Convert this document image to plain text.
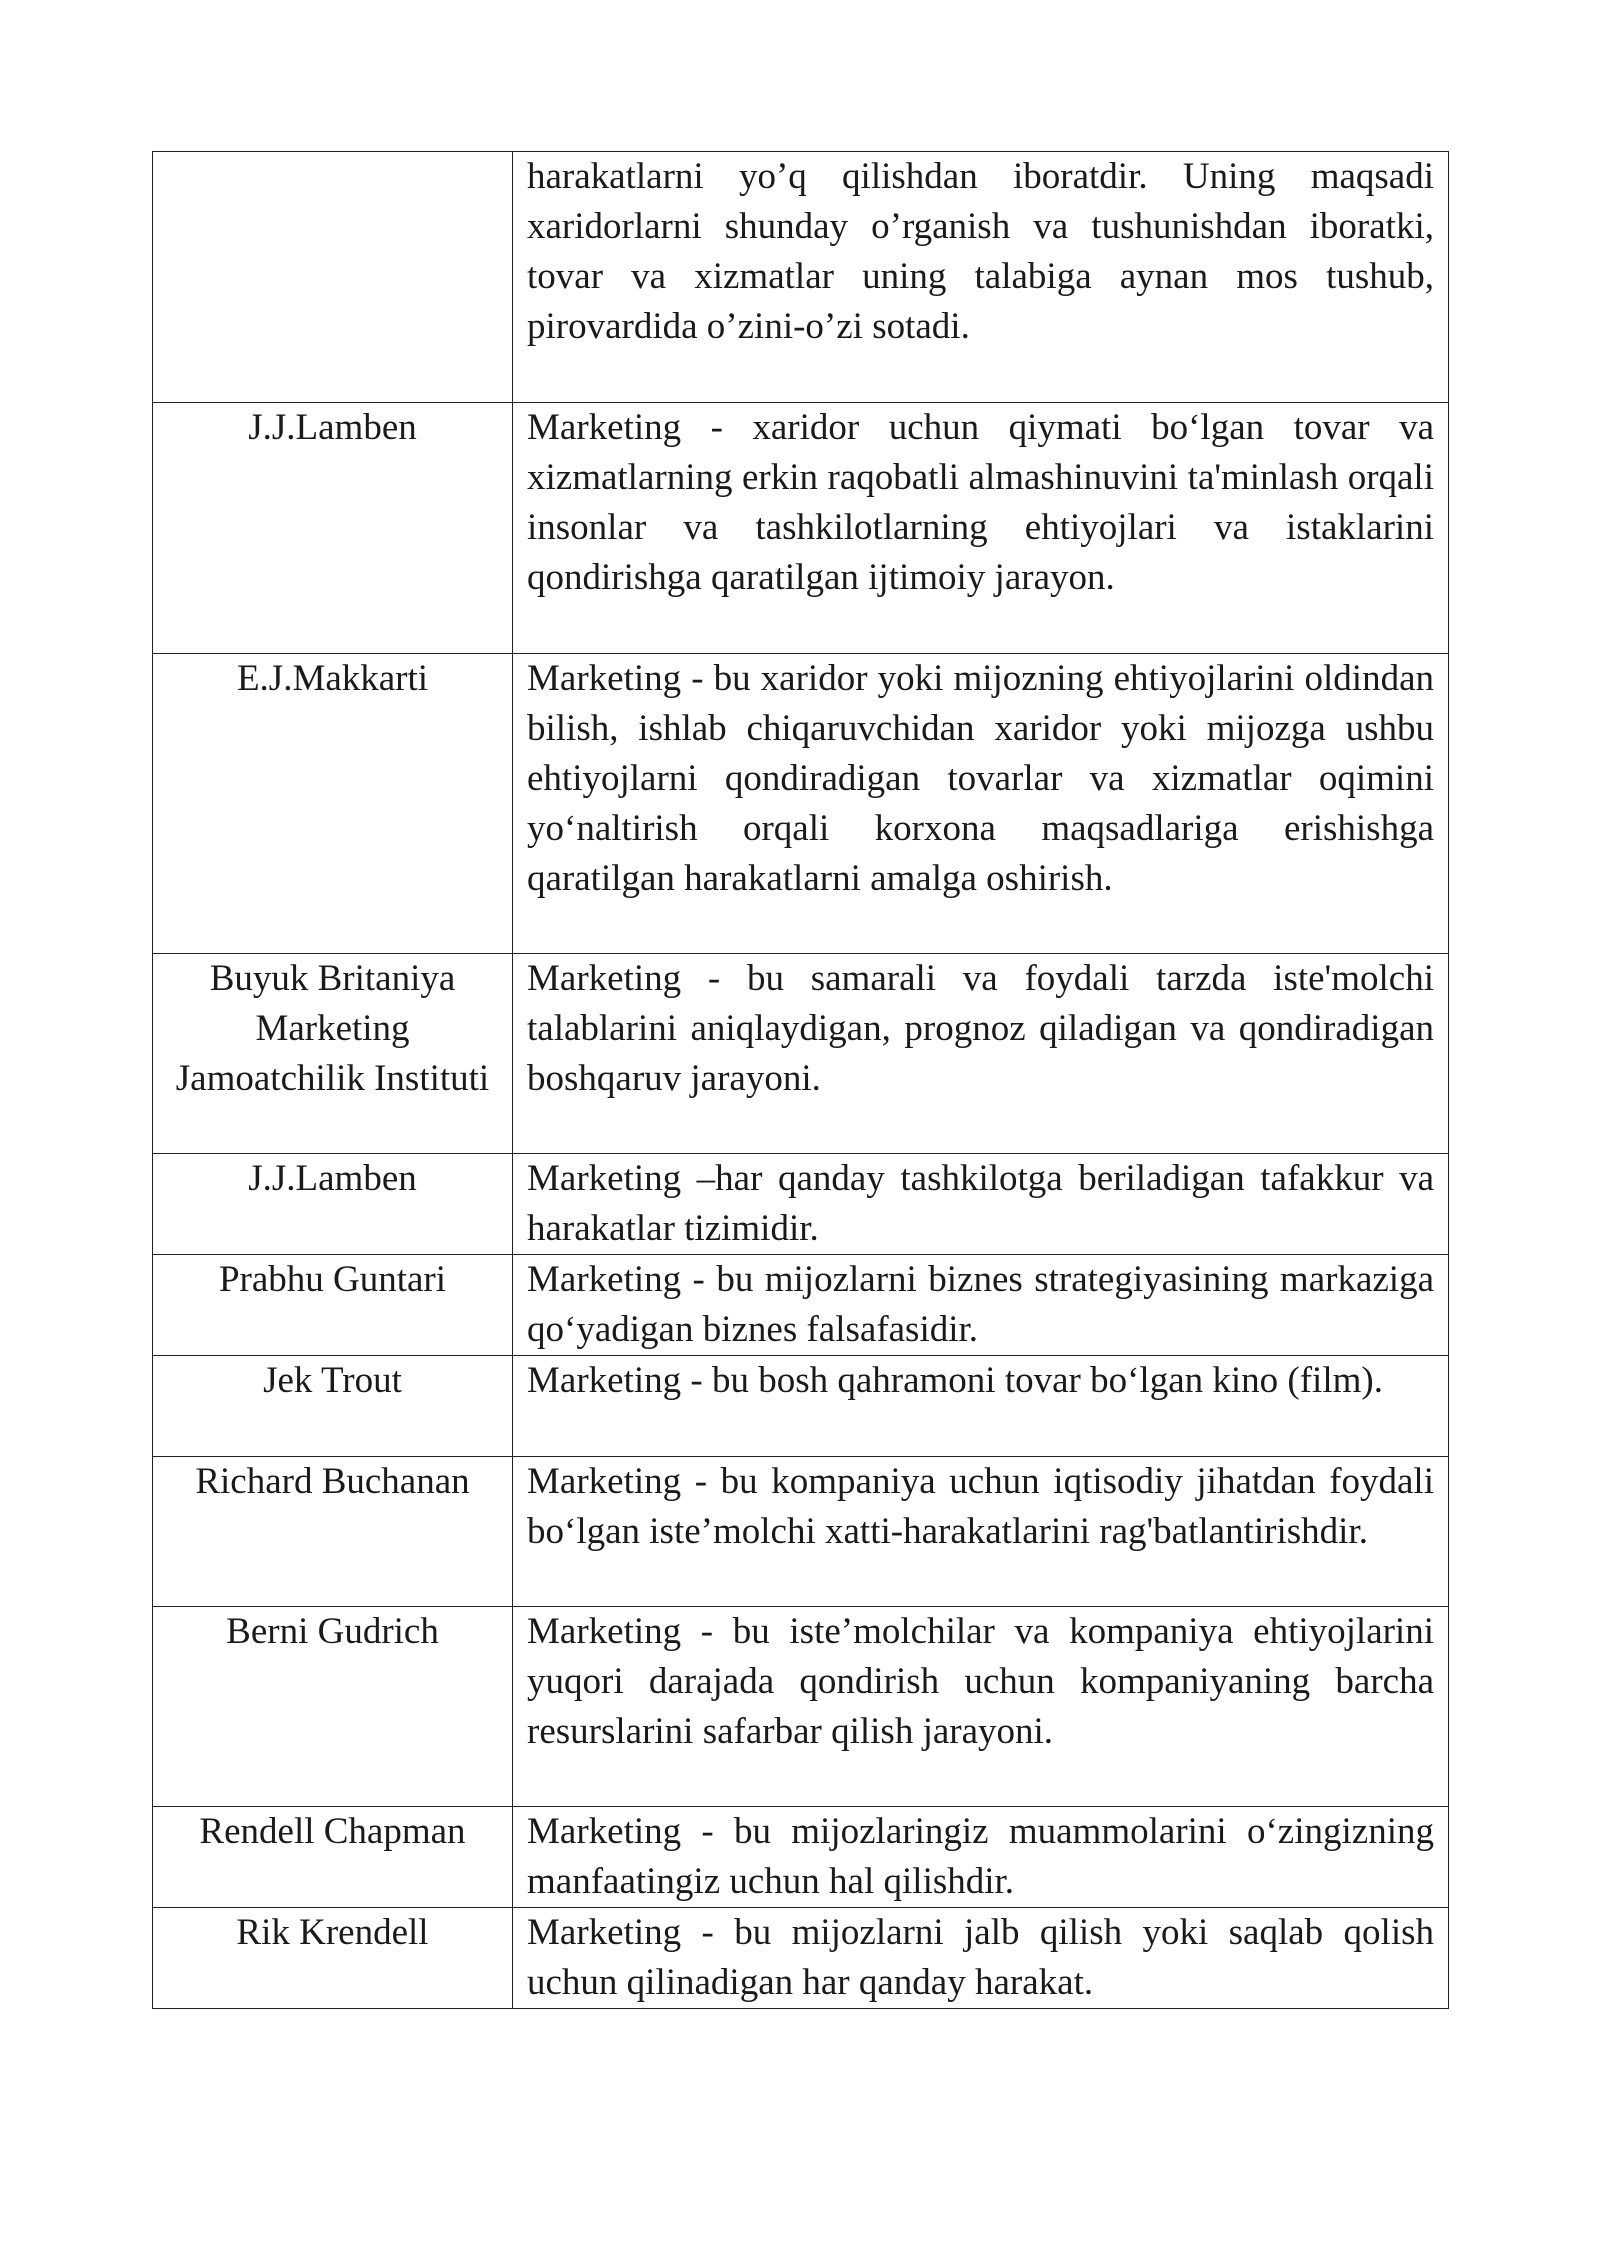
	harakatlarni yo’q qilishdan iboratdir. Uning maqsadi xaridorlarni shunday o’rganish va tushunishdan iboratki, tovar va xizmatlar uning talabiga aynan mos tushub, pirovardida o’zini-o’zi sotadi.
J.J.Lamben	Marketing - xaridor uchun qiymati bo‘lgan tovar va xizmatlarning erkin raqobatli almashinuvini ta'minlash orqali insonlar va tashkilotlarning ehtiyojlari va istaklarini qondirishga qaratilgan ijtimoiy jarayon.
E.J.Makkarti	Marketing - bu xaridor yoki mijozning ehtiyojlarini oldindan bilish, ishlab chiqaruvchidan xaridor yoki mijozga ushbu ehtiyojlarni qondiradigan tovarlar va xizmatlar oqimini yo‘naltirish orqali korxona maqsadlariga erishishga qaratilgan harakatlarni amalga oshirish.
Buyuk Britaniya Marketing Jamoatchilik Instituti	Marketing - bu samarali va foydali tarzda iste'molchi talablarini aniqlaydigan, prognoz qiladigan va qondiradigan boshqaruv jarayoni.
J.J.Lamben	Marketing –har qanday tashkilotga beriladigan tafakkur va harakatlar tizimidir.
Prabhu Guntari	Marketing - bu mijozlarni biznes strategiyasining markaziga qo‘yadigan biznes falsafasidir.
Jek Trout	Marketing - bu bosh qahramoni tovar bo‘lgan kino (film).
Richard Buchanan	Marketing - bu kompaniya uchun iqtisodiy jihatdan foydali bo‘lgan iste’molchi xatti-harakatlarini rag'batlantirishdir.
Berni Gudrich	Marketing - bu iste’molchilar va kompaniya ehtiyojlarini yuqori darajada qondirish uchun kompaniyaning barcha resurslarini safarbar qilish jarayoni.
Rendell Chapman	Marketing - bu mijozlaringiz muammolarini o‘zingizning manfaatingiz uchun hal qilishdir.
Rik Krendell	Marketing - bu mijozlarni jalb qilish yoki saqlab qolish uchun qilinadigan har qanday harakat.
